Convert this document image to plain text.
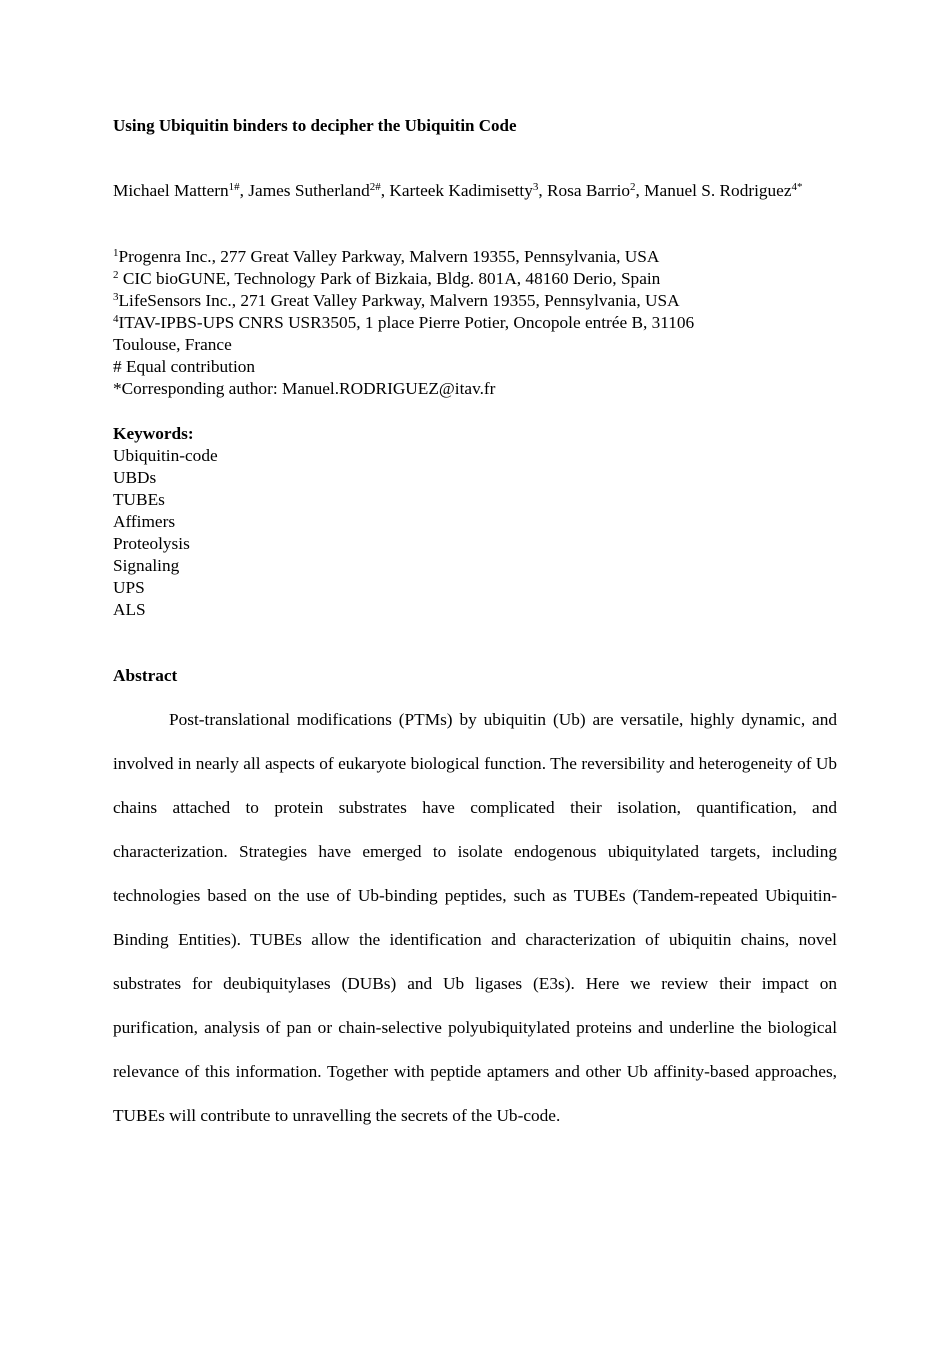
Using Ubiquitin binders to decipher the Ubiquitin Code
Michael Mattern$^{1\#}$, James Sutherland$^{2\#}$, Karteek Kadimisetty$^3$, Rosa Barrio$^2$, Manuel S. Rodriguez$^{4*}$
$^1$Progenra Inc., 277 Great Valley Parkway, Malvern 19355, Pennsylvania, USA
$^2$ CIC bioGUNE, Technology Park of Bizkaia, Bldg. 801A, 48160 Derio, Spain
$^3$LifeSensors Inc., 271 Great Valley Parkway, Malvern 19355, Pennsylvania, USA
$^4$ITAV-IPBS-UPS CNRS USR3505, 1 place Pierre Potier, Oncopole entrée B, 31106
Toulouse, France
# Equal contribution
*Corresponding author: Manuel.RODRIGUEZ@itav.fr
Keywords:
Ubiquitin-code
UBDs
TUBEs
Affimers
Proteolysis
Signaling
UPS
ALS
Abstract

Post-translational modifications (PTMs) by ubiquitin (Ub) are versatile, highly dynamic, and involved in nearly all aspects of eukaryote biological function. The reversibility and heterogeneity of Ub chains attached to protein substrates have complicated their isolation, quantification, and characterization. Strategies have emerged to isolate endogenous ubiquitylated targets, including technologies based on the use of Ub-binding peptides, such as TUBEs (Tandem-repeated Ubiquitin-Binding Entities). TUBEs allow the identification and characterization of ubiquitin chains, novel substrates for deubiquitylases (DUBs) and Ub ligases (E3s). Here we review their impact on purification, analysis of pan or chain-selective polyubiquitylated proteins and underline the biological relevance of this information. Together with peptide aptamers and other Ub affinity-based approaches, TUBEs will contribute to unravelling the secrets of the Ub-code.
